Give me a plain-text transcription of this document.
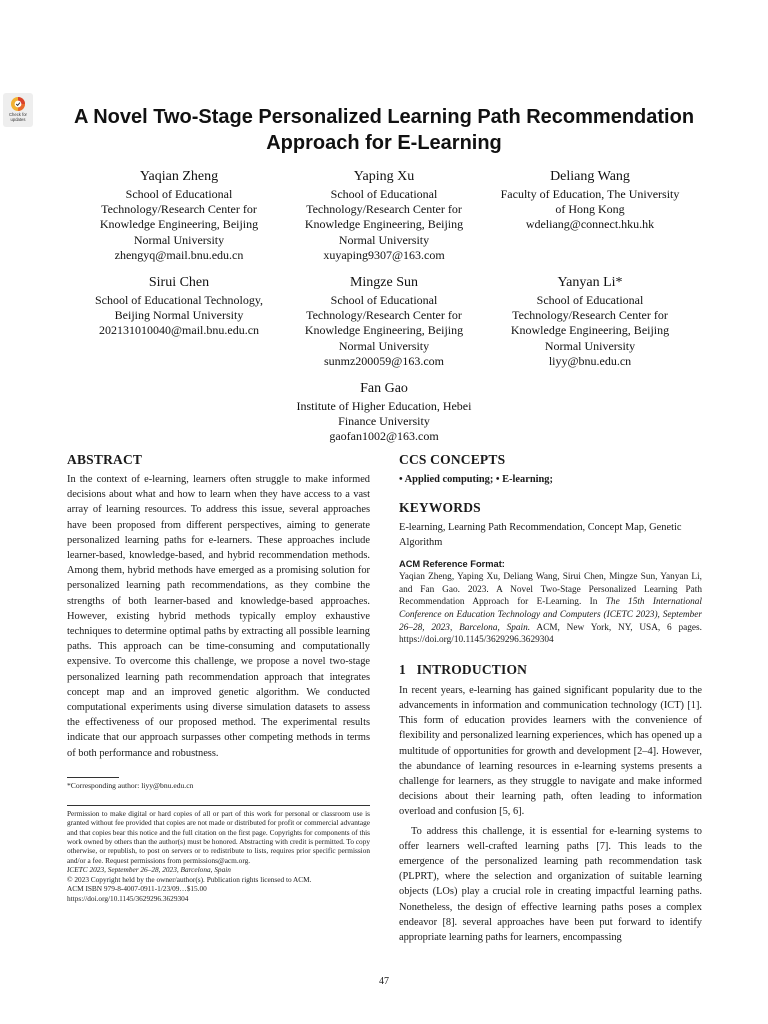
Check for
updates	A Novel Two-Stage Personalized Learning Path Recommendation
Approach for E-Learning
Yaqian Zheng
School of Educational
Technology/Research Center for
Knowledge Engineering, Beijing
Normal University
zhengyq@mail.bnu.edu.cn
Yaping Xu
School of Educational
Technology/Research Center for
Knowledge Engineering, Beijing
Normal University
xuyaping9307@163.com
Deliang Wang
Faculty of Education, The University
of Hong Kong
wdeliang@connect.hku.hk
Sirui Chen
School of Educational Technology,
Beijing Normal University
202131010040@mail.bnu.edu.cn
Mingze Sun
School of Educational
Technology/Research Center for
Knowledge Engineering, Beijing
Normal University
sunmz200059@163.com
Yanyan Li*
School of Educational
Technology/Research Center for
Knowledge Engineering, Beijing
Normal University
liyy@bnu.edu.cn
Fan Gao
Institute of Higher Education, Hebei
Finance University
gaofan1002@163.com
ABSTRACT

In the context of e-learning, learners often struggle to make informed decisions about what and how to learn when they have access to a vast array of learning resources. To address this issue, several approaches have been proposed from different perspectives, aiming to generate personalized learning paths for e-learners. These approaches include learner-based, knowledge-based, and hybrid recommendation methods. Among them, hybrid methods have emerged as a promising solution for personalized learning path recommendations, as they combine the strengths of both learner-based and knowledge-based approaches. However, existing hybrid methods typically employ exhaustive techniques to determine optimal paths by extracting all possible learning paths. This approach can be time-consuming and computationally expensive. To overcome this challenge, we propose a novel two-stage personalized learning path recommendation approach that integrates concept map and an improved genetic algorithm. We conducted computational experiments using diverse simulation datasets to assess the effectiveness of our proposed method. The experimental results indicate that our approach surpasses other competing methods in terms of both performance and robustness.

*Corresponding author: liyy@bnu.edu.cn

Permission to make digital or hard copies of all or part of this work for personal or classroom use is granted without fee provided that copies are not made or distributed for profit or commercial advantage and that copies bear this notice and the full citation on the first page. Copyrights for components of this work owned by others than the author(s) must be honored. Abstracting with credit is permitted. To copy otherwise, or republish, to post on servers or to redistribute to lists, requires prior specific permission and/or a fee. Request permissions from permissions@acm.org.

ICETC 2023, September 26–28, 2023, Barcelona, Spain

© 2023 Copyright held by the owner/author(s). Publication rights licensed to ACM.

ACM ISBN 979-8-4007-0911-1/23/09…$15.00

https://doi.org/10.1145/3629296.3629304

CCS CONCEPTS

• Applied computing; • E-learning;

KEYWORDS

E-learning, Learning Path Recommendation, Concept Map, Genetic Algorithm

ACM Reference Format:

Yaqian Zheng, Yaping Xu, Deliang Wang, Sirui Chen, Mingze Sun, Yanyan Li, and Fan Gao. 2023. A Novel Two-Stage Personalized Learning Path Recommendation Approach for E-Learning. In The 15th International Conference on Education Technology and Computers (ICETC 2023), September 26–28, 2023, Barcelona, Spain. ACM, New York, NY, USA, 6 pages. https://doi.org/10.1145/3629296.3629304

1   INTRODUCTION

In recent years, e-learning has gained significant popularity due to the advancements in information and communication technology (ICT) [1]. This form of education provides learners with the convenience of flexibility and personalized learning experiences, which has opened up a multitude of opportunities for growth and development [2–4]. However, the abundance of learning resources in e-learning systems presents a challenge for learners, as they struggle to navigate and make informed decisions about their learning path, often leading to information overload and confusion [5, 6].

To address this challenge, it is essential for e-learning systems to offer learners well-crafted learning paths [7]. This leads to the emergence of the personalized learning path recommendation task (PLPRT), where the selection and organization of suitable learning objects (LOs) play a crucial role in creating impactful learning paths. Nonetheless, the design of effective learning paths poses a complex endeavor [8]. several approaches have been put forward to identify appropriate learning paths for learners, encompassing

47
